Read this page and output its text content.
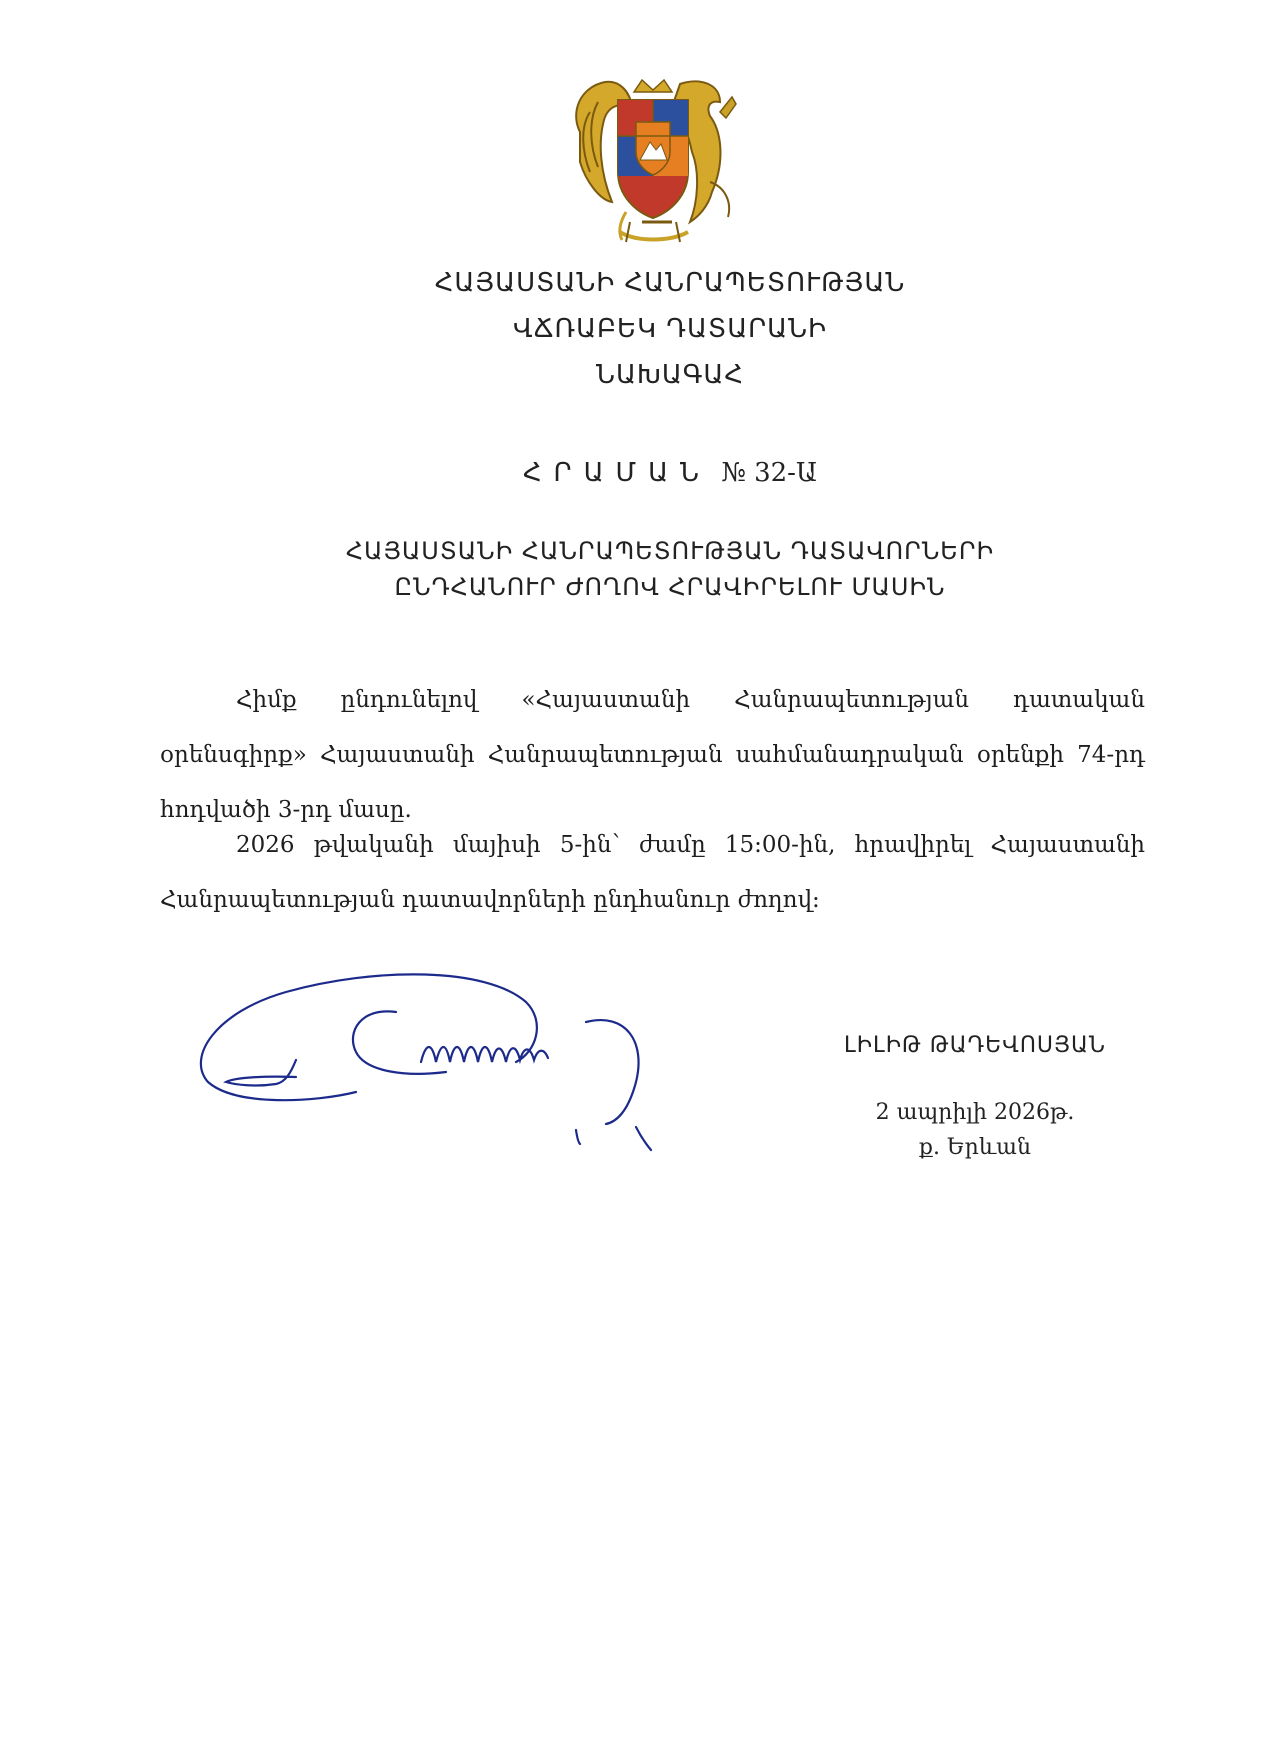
ՀԱՅԱՍՏԱՆԻ ՀԱՆՐԱՊԵՏՈՒԹՅԱՆ
ՎՃՌԱԲԵԿ ԴԱՏԱՐԱՆԻ
ՆԱԽԱԳԱՀ
ՀՐԱՄԱՆ № 32-Ա
ՀԱՅԱՍՏԱՆԻ ՀԱՆՐԱՊԵՏՈՒԹՅԱՆ ԴԱՏԱՎՈՐՆԵՐԻ
ԸՆԴՀԱՆՈՒՐ ԺՈՂՈՎ ՀՐԱՎԻՐԵԼՈՒ ՄԱՍԻՆ
Հիմք ընդունելով «Հայաստանի Հանրապետության դատական օրենսգիրք» Հայաստանի Հանրապետության սահմանադրական օրենքի 74-րդ հոդվածի 3-րդ մասը.
2026 թվականի մայիսի 5-ին՝ ժամը 15:00-ին, հրավիրել Հայաստանի Հանրապետության դատավորների ընդհանուր ժողով:
ԼԻԼԻԹ ԹԱԴԵՎՈՍՅԱՆ
2 ապրիլի 2026թ.
ք. Երևան
